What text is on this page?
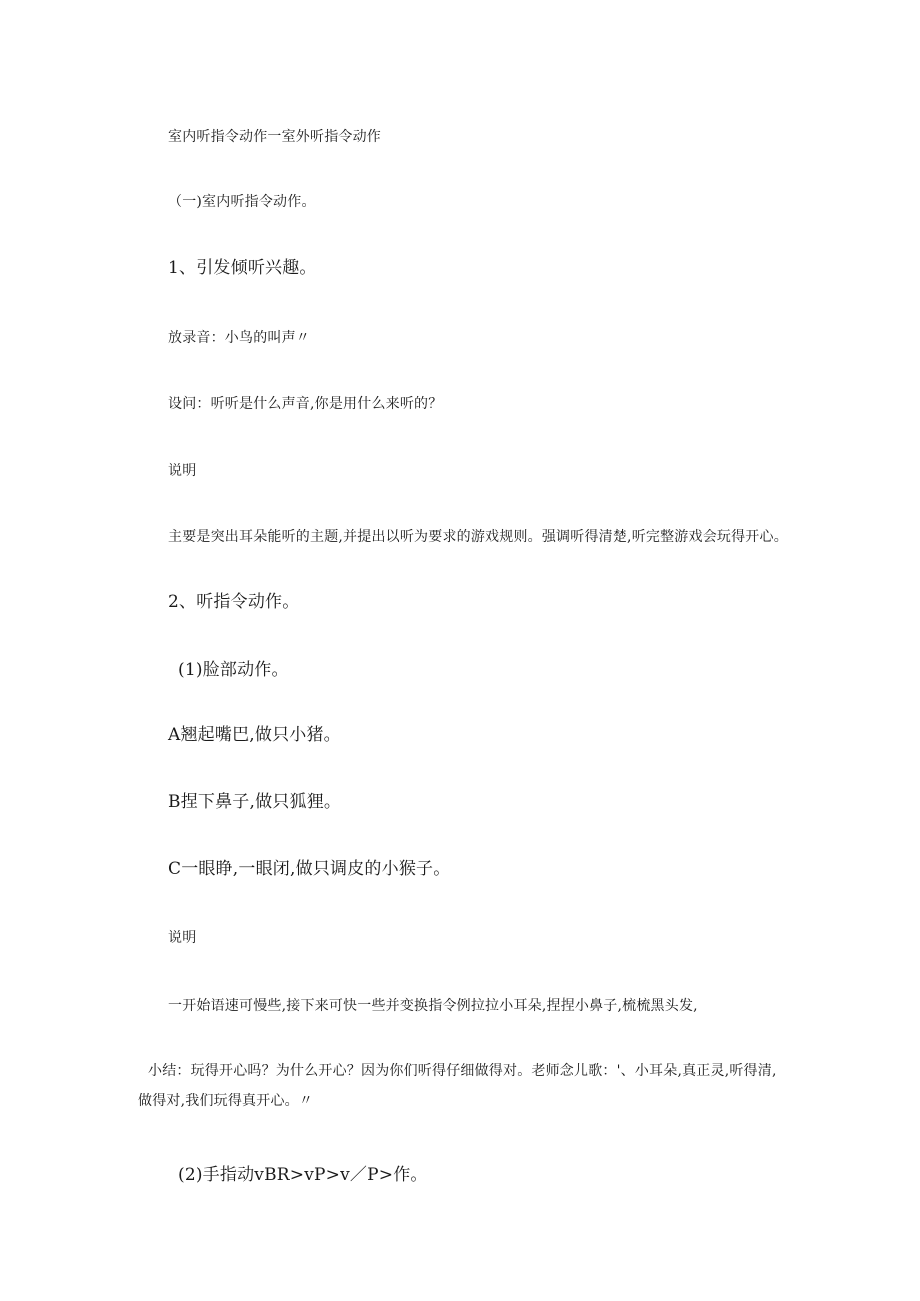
室内听指令动作一室外听指令动作
（一)室内听指令动作。
1、引发倾听兴趣。
放录音：小鸟的叫声〃
设问：听听是什么声音,你是用什么来听的？
说明
主要是突出耳朵能听的主题,并提出以听为要求的游戏规则。强调听得清楚,听完整游戏会玩得开心。
2、听指令动作。
(1)脸部动作。
A翘起嘴巴,做只小猪。
B捏下鼻子,做只狐狸。
C一眼睁,一眼闭,做只调皮的小猴子。
说明
一开始语速可慢些,接下来可快一些并变换指令例拉拉小耳朵,捏捏小鼻子,梳梳黑头发,
小结：玩得开心吗？为什么开心？因为你们听得仔细做得对。老师念儿歌：'、小耳朵,真正灵,听得清,做得对,我们玩得真开心。〃
(2)手指动vBR>vP>v／P>作。
